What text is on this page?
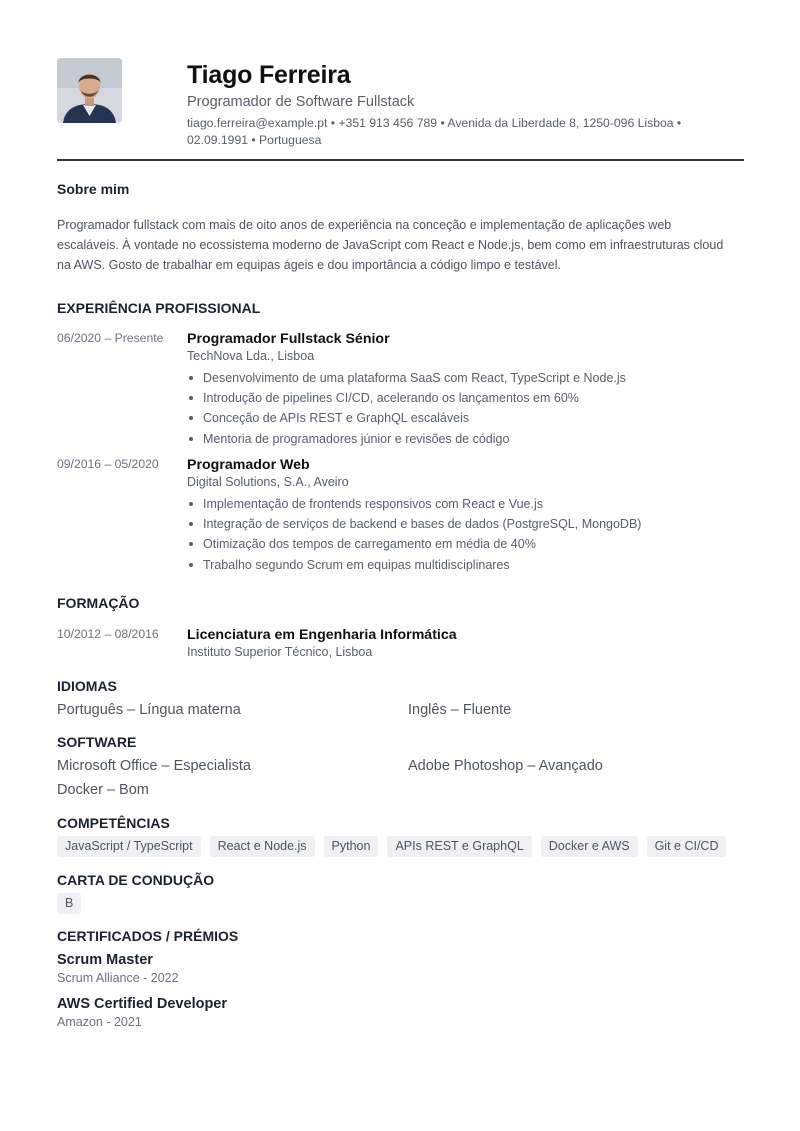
Tiago Ferreira
Programador de Software Fullstack
tiago.ferreira@example.pt • +351 913 456 789 • Avenida da Liberdade 8, 1250-096 Lisboa •
02.09.1991 • Portuguesa
Sobre mim
Programador fullstack com mais de oito anos de experiência na conceção e implementação de aplicações web escaláveis. À vontade no ecossistema moderno de JavaScript com React e Node.js, bem como em infraestruturas cloud na AWS. Gosto de trabalhar em equipas ágeis e dou importância a código limpo e testável.
EXPERIÊNCIA PROFISSIONAL
06/2020 – Presente Programador Fullstack Sénior
TechNova Lda., Lisboa
Desenvolvimento de uma plataforma SaaS com React, TypeScript e Node.js
Introdução de pipelines CI/CD, acelerando os lançamentos em 60%
Conceção de APIs REST e GraphQL escaláveis
Mentoria de programadores júnior e revisões de código
09/2016 – 05/2020 Programador Web
Digital Solutions, S.A., Aveiro
Implementação de frontends responsivos com React e Vue.js
Integração de serviços de backend e bases de dados (PostgreSQL, MongoDB)
Otimização dos tempos de carregamento em média de 40%
Trabalho segundo Scrum em equipas multidisciplinares
FORMAÇÃO
10/2012 – 08/2016 Licenciatura em Engenharia Informática
Instituto Superior Técnico, Lisboa
IDIOMAS
Português – Língua materna	Inglês – Fluente
SOFTWARE
Microsoft Office – Especialista	Adobe Photoshop – Avançado
Docker – Bom
COMPETÊNCIAS
JavaScript / TypeScript	React e Node.js	Python	APIs REST e GraphQL	Docker e AWS	Git e CI/CD
CARTA DE CONDUÇÃO
B
CERTIFICADOS / PRÉMIOS
Scrum Master
Scrum Alliance - 2022
AWS Certified Developer
Amazon - 2021
